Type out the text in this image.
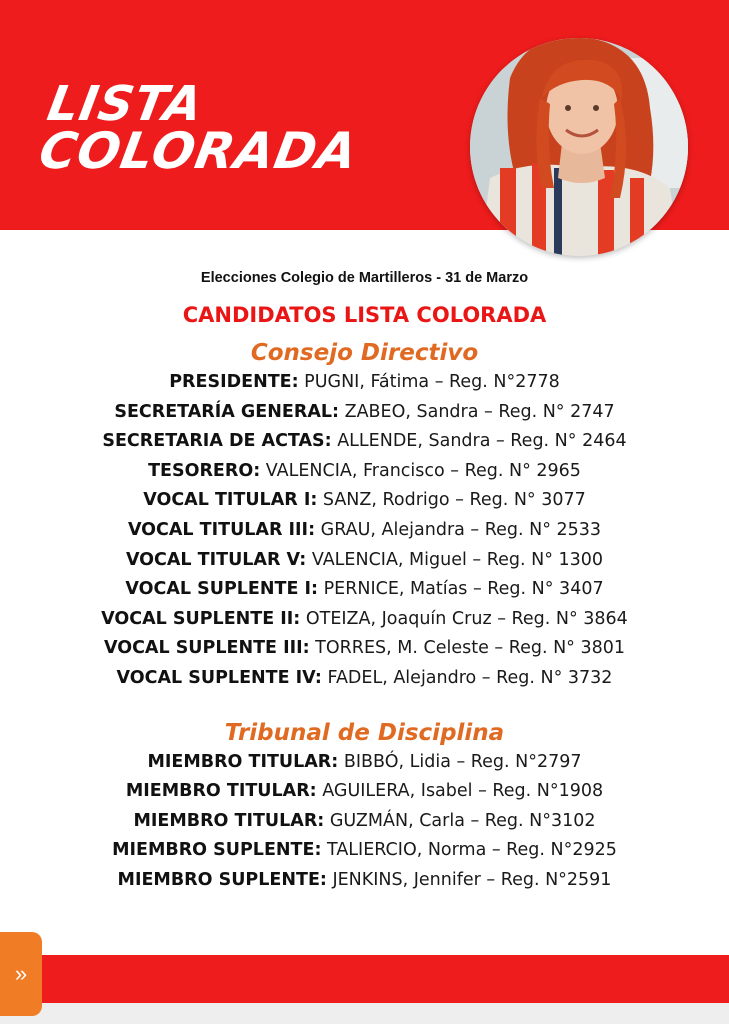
LISTA
COLORADA
Elecciones Colegio de Martilleros - 31 de Marzo
CANDIDATOS LISTA COLORADA
Consejo Directivo
PRESIDENTE: PUGNI, Fátima – Reg. N°2778
SECRETARÍA GENERAL: ZABEO, Sandra – Reg. N° 2747
SECRETARIA DE ACTAS: ALLENDE, Sandra – Reg. N° 2464
TESORERO: VALENCIA, Francisco – Reg. N° 2965
VOCAL TITULAR I: SANZ, Rodrigo – Reg. N° 3077
VOCAL TITULAR III: GRAU, Alejandra – Reg. N° 2533
VOCAL TITULAR V: VALENCIA, Miguel – Reg. N° 1300
VOCAL SUPLENTE I: PERNICE, Matías – Reg. N° 3407
VOCAL SUPLENTE II: OTEIZA, Joaquín Cruz – Reg. N° 3864
VOCAL SUPLENTE III: TORRES, M. Celeste – Reg. N° 3801
VOCAL SUPLENTE IV: FADEL, Alejandro – Reg. N° 3732
Tribunal de Disciplina
MIEMBRO TITULAR: BIBBÓ, Lidia – Reg. N°2797
MIEMBRO TITULAR: AGUILERA, Isabel – Reg. N°1908
MIEMBRO TITULAR: GUZMÁN, Carla – Reg. N°3102
MIEMBRO SUPLENTE: TALIERCIO, Norma – Reg. N°2925
MIEMBRO SUPLENTE: JENKINS, Jennifer – Reg. N°2591
»
